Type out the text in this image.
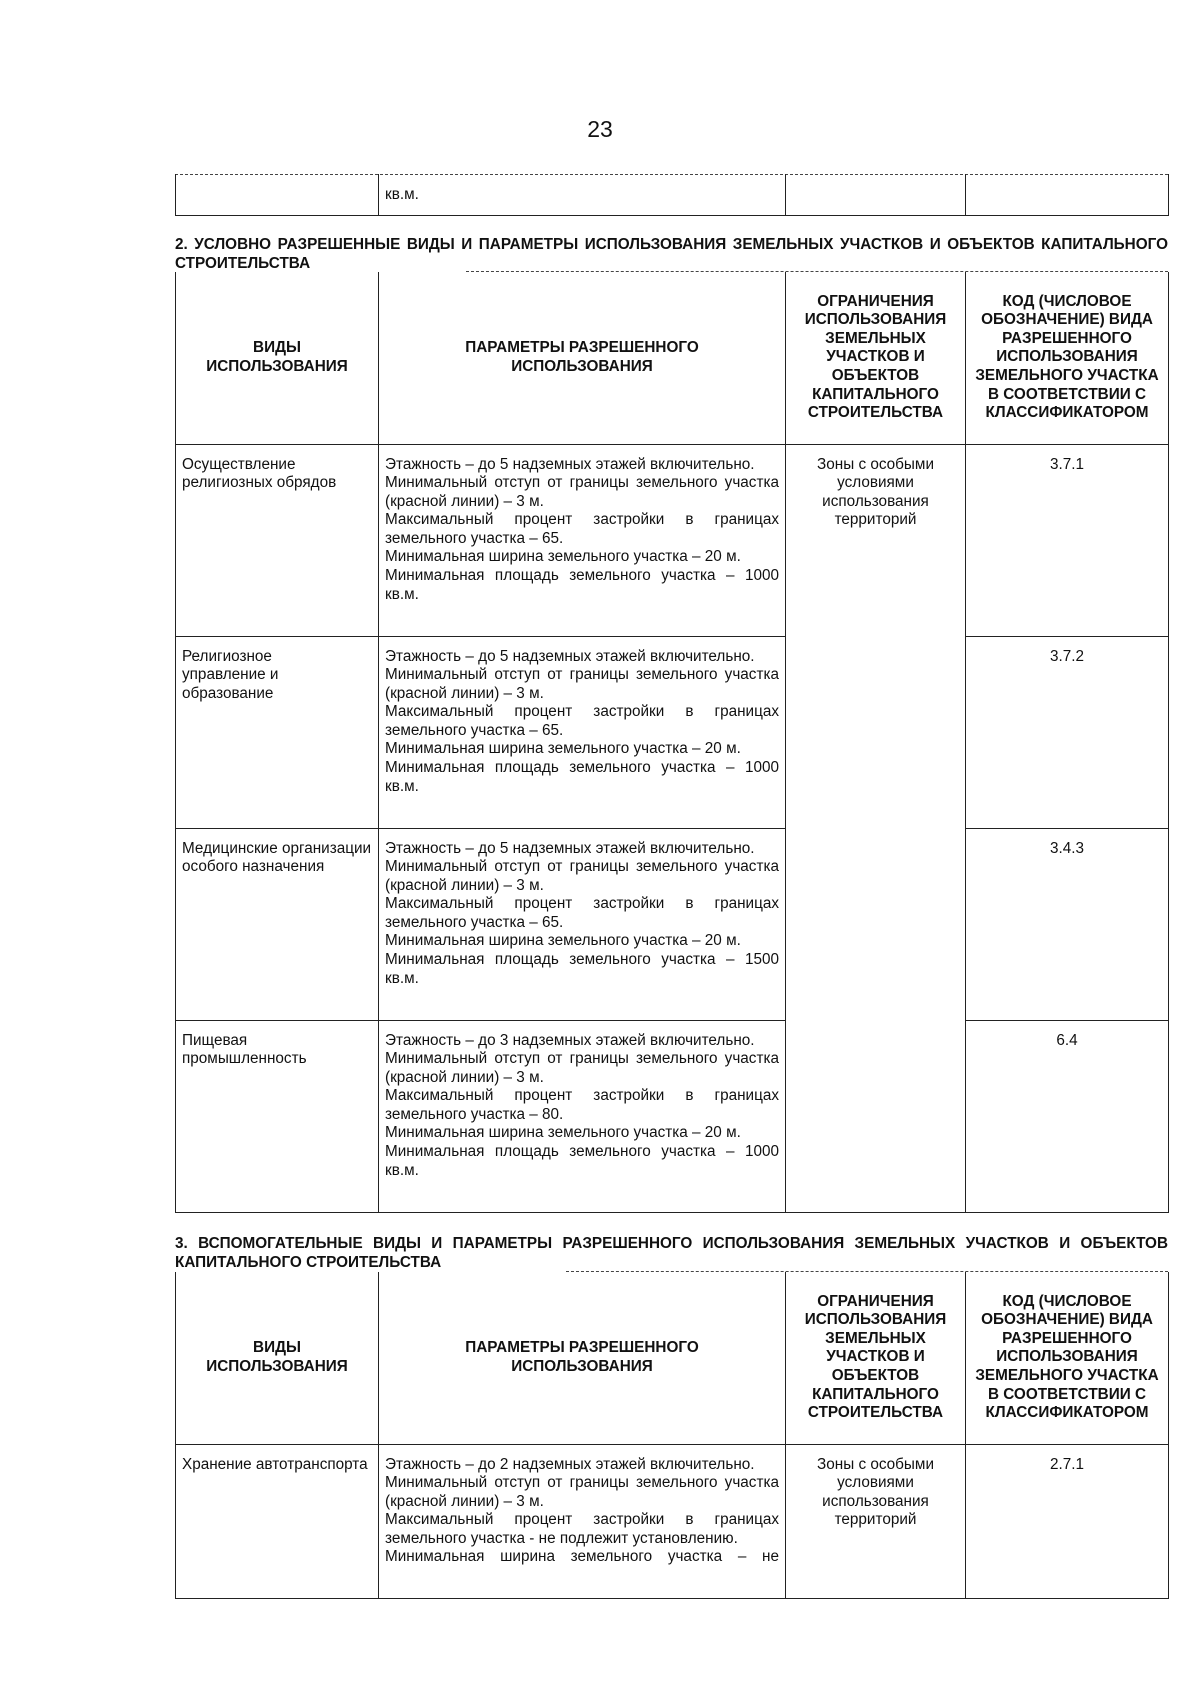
23
	кв.м.		
2. УСЛОВНО РАЗРЕШЕННЫЕ ВИДЫ И ПАРАМЕТРЫ ИСПОЛЬЗОВАНИЯ ЗЕМЕЛЬНЫХ УЧАСТКОВ И ОБЪЕКТОВ КАПИТАЛЬНОГО СТРОИТЕЛЬСТВА
ВИДЫ ИСПОЛЬЗОВАНИЯ	ПАРАМЕТРЫ РАЗРЕШЕННОГО ИСПОЛЬЗОВАНИЯ	ОГРАНИЧЕНИЯ ИСПОЛЬЗОВАНИЯ ЗЕМЕЛЬНЫХ УЧАСТКОВ И ОБЪЕКТОВ КАПИТАЛЬНОГО СТРОИТЕЛЬСТВА	КОД (ЧИСЛОВОЕ ОБОЗНАЧЕНИЕ) ВИДА РАЗРЕШЕННОГО ИСПОЛЬЗОВАНИЯ ЗЕМЕЛЬНОГО УЧАСТКА В СООТВЕТСТВИИ С КЛАССИФИКАТОРОМ
Осуществление религиозных обрядов	Этажность – до 5 надземных этажей включительно.
Минимальный отступ от границы земельного участка (красной линии) – 3 м.
Максимальный процент застройки в границах земельного участка – 65.
Минимальная ширина земельного участка – 20 м.
Минимальная площадь земельного участка – 1000 кв.м.	Зоны с особыми условиями использования территорий	3.7.1
Религиозное управление и образование	Этажность – до 5 надземных этажей включительно.
Минимальный отступ от границы земельного участка (красной линии) – 3 м.
Максимальный процент застройки в границах земельного участка – 65.
Минимальная ширина земельного участка – 20 м.
Минимальная площадь земельного участка – 1000 кв.м.		3.7.2
Медицинские организации особого назначения	Этажность – до 5 надземных этажей включительно.
Минимальный отступ от границы земельного участка (красной линии) – 3 м.
Максимальный процент застройки в границах земельного участка – 65.
Минимальная ширина земельного участка – 20 м.
Минимальная площадь земельного участка – 1500 кв.м.		3.4.3
Пищевая промышленность	Этажность – до 3 надземных этажей включительно.
Минимальный отступ от границы земельного участка (красной линии) – 3 м.
Максимальный процент застройки в границах земельного участка – 80.
Минимальная ширина земельного участка – 20 м.
Минимальная площадь земельного участка – 1000 кв.м.		6.4
3. ВСПОМОГАТЕЛЬНЫЕ ВИДЫ И ПАРАМЕТРЫ РАЗРЕШЕННОГО ИСПОЛЬЗОВАНИЯ ЗЕМЕЛЬНЫХ УЧАСТКОВ И ОБЪЕКТОВ КАПИТАЛЬНОГО СТРОИТЕЛЬСТВА
ВИДЫ ИСПОЛЬЗОВАНИЯ	ПАРАМЕТРЫ РАЗРЕШЕННОГО ИСПОЛЬЗОВАНИЯ	ОГРАНИЧЕНИЯ ИСПОЛЬЗОВАНИЯ ЗЕМЕЛЬНЫХ УЧАСТКОВ И ОБЪЕКТОВ КАПИТАЛЬНОГО СТРОИТЕЛЬСТВА	КОД (ЧИСЛОВОЕ ОБОЗНАЧЕНИЕ) ВИДА РАЗРЕШЕННОГО ИСПОЛЬЗОВАНИЯ ЗЕМЕЛЬНОГО УЧАСТКА В СООТВЕТСТВИИ С КЛАССИФИКАТОРОМ
Хранение автотранспорта	Этажность – до 2 надземных этажей включительно.
Минимальный отступ от границы земельного участка (красной линии) – 3 м.
Максимальный процент застройки в границах земельного участка - не подлежит установлению.
Минимальная ширина земельного участка – не	Зоны с особыми условиями использования территорий	2.7.1
